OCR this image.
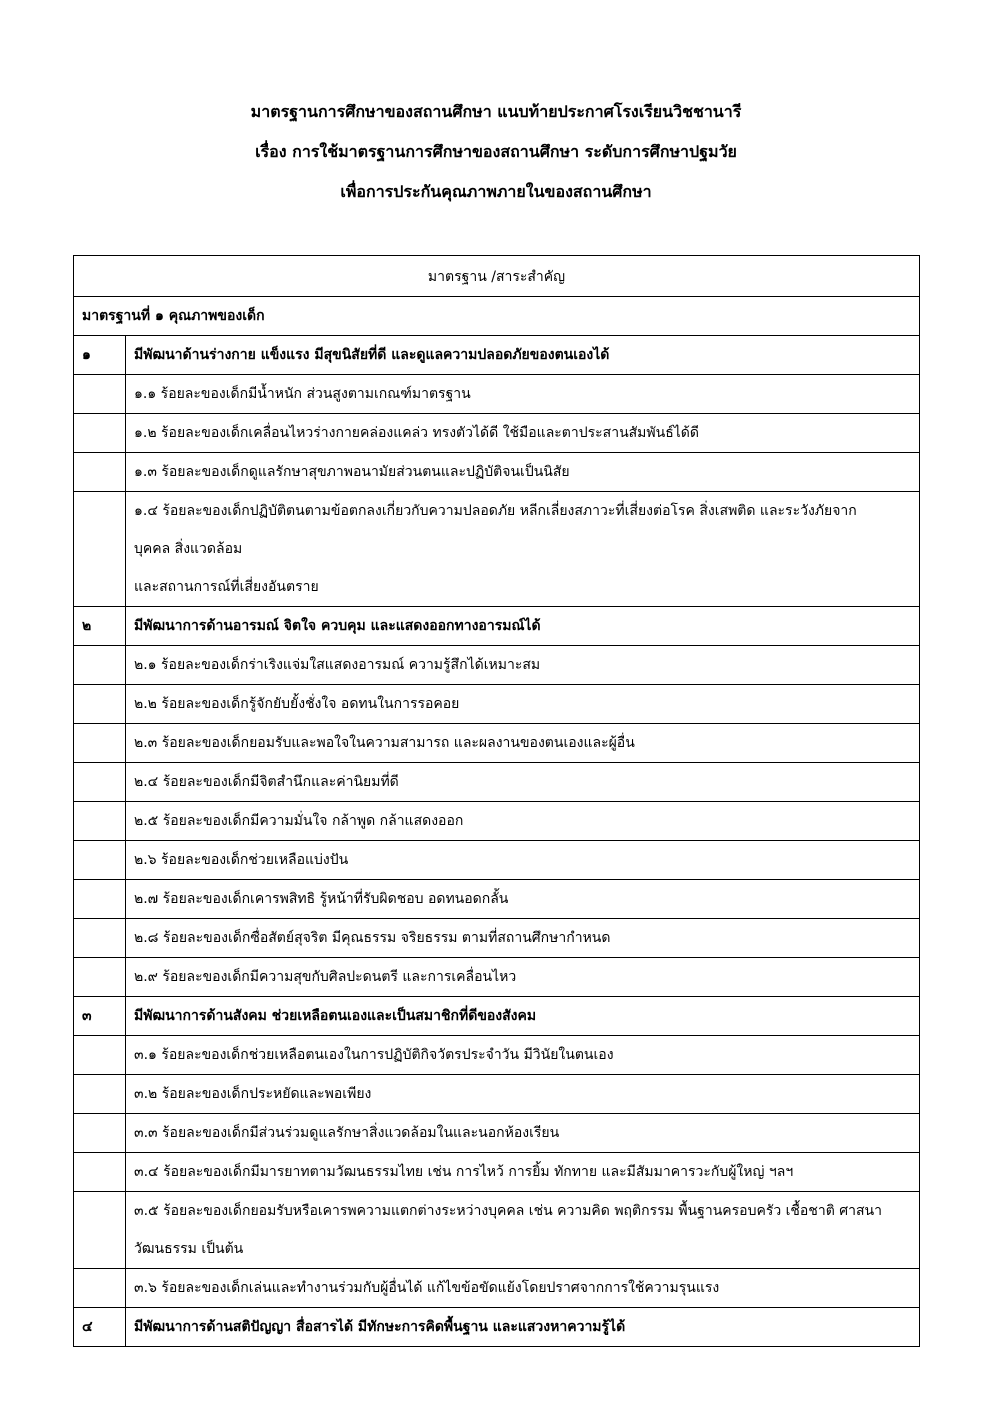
มาตรฐานการศึกษาของสถานศึกษา แนบท้ายประกาศโรงเรียนวิชชานารี
เรื่อง การใช้มาตรฐานการศึกษาของสถานศึกษา ระดับการศึกษาปฐมวัย
เพื่อการประกันคุณภาพภายในของสถานศึกษา
มาตรฐาน /สาระสำคัญ	
มาตรฐานที่ ๑ คุณภาพของเด็ก	
๑	มีพัฒนาด้านร่างกาย แข็งแรง มีสุขนิสัยที่ดี และดูแลความปลอดภัยของตนเองได้
	๑.๑ ร้อยละของเด็กมีน้ำหนัก ส่วนสูงตามเกณฑ์มาตรฐาน
	๑.๒ ร้อยละของเด็กเคลื่อนไหวร่างกายคล่องแคล่ว ทรงตัวได้ดี ใช้มือและตาประสานสัมพันธ์ได้ดี
	๑.๓ ร้อยละของเด็กดูแลรักษาสุขภาพอนามัยส่วนตนและปฏิบัติจนเป็นนิสัย

	๑.๔ ร้อยละของเด็กปฏิบัติตนตามข้อตกลงเกี่ยวกับความปลอดภัย หลีกเลี่ยงสภาวะที่เสี่ยงต่อโรค สิ่งเสพติด และระวังภัยจาก
บุคคล สิ่งแวดล้อม
และสถานการณ์ที่เสี่ยงอันตราย

๒	มีพัฒนาการด้านอารมณ์ จิตใจ ควบคุม และแสดงออกทางอารมณ์ได้
	๒.๑ ร้อยละของเด็กร่าเริงแจ่มใสแสดงอารมณ์ ความรู้สึกได้เหมาะสม
	๒.๒ ร้อยละของเด็กรู้จักยับยั้งชั่งใจ อดทนในการรอคอย
	๒.๓ ร้อยละของเด็กยอมรับและพอใจในความสามารถ และผลงานของตนเองและผู้อื่น
	๒.๔ ร้อยละของเด็กมีจิตสำนึกและค่านิยมที่ดี
	๒.๕ ร้อยละของเด็กมีความมั่นใจ กล้าพูด กล้าแสดงออก
	๒.๖ ร้อยละของเด็กช่วยเหลือแบ่งปัน
	๒.๗ ร้อยละของเด็กเคารพสิทธิ รู้หน้าที่รับผิดชอบ อดทนอดกลั้น
	๒.๘ ร้อยละของเด็กซื่อสัตย์สุจริต มีคุณธรรม จริยธรรม ตามที่สถานศึกษากำหนด
	๒.๙ ร้อยละของเด็กมีความสุขกับศิลปะดนตรี และการเคลื่อนไหว
๓	มีพัฒนาการด้านสังคม ช่วยเหลือตนเองและเป็นสมาชิกที่ดีของสังคม
	๓.๑ ร้อยละของเด็กช่วยเหลือตนเองในการปฏิบัติกิจวัตรประจำวัน มีวินัยในตนเอง
	๓.๒ ร้อยละของเด็กประหยัดและพอเพียง
	๓.๓ ร้อยละของเด็กมีส่วนร่วมดูแลรักษาสิ่งแวดล้อมในและนอกห้องเรียน
	๓.๔ ร้อยละของเด็กมีมารยาทตามวัฒนธรรมไทย เช่น การไหว้ การยิ้ม ทักทาย และมีสัมมาคารวะกับผู้ใหญ่ ฯลฯ

	๓.๕ ร้อยละของเด็กยอมรับหรือเคารพความแตกต่างระหว่างบุคคล เช่น ความคิด พฤติกรรม พื้นฐานครอบครัว เชื้อชาติ ศาสนา
วัฒนธรรม เป็นต้น

	๓.๖ ร้อยละของเด็กเล่นและทำงานร่วมกับผู้อื่นได้ แก้ไขข้อขัดแย้งโดยปราศจากการใช้ความรุนแรง
๔	มีพัฒนาการด้านสติปัญญา สื่อสารได้ มีทักษะการคิดพื้นฐาน และแสวงหาความรู้ได้
